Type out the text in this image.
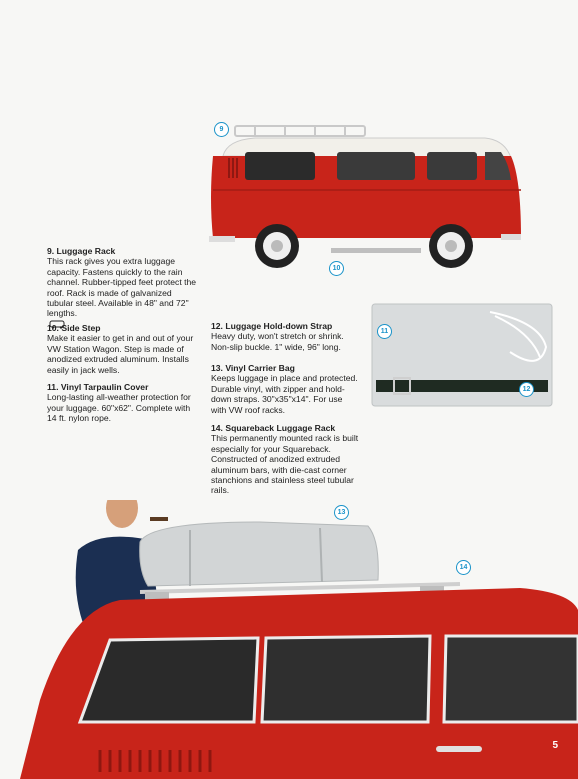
9. Luggage Rack
This rack gives you extra luggage capacity. Fastens quickly to the rain channel. Rubber-tipped feet protect the roof. Rack is made of galvanized tubular steel. Available in 48" and 72" lengths.
10. Side Step
Make it easier to get in and out of your VW Station Wagon. Step is made of anodized extruded aluminum. Installs easily in jack wells.
11. Vinyl Tarpaulin Cover
Long-lasting all-weather protection for your luggage. 60"x62". Complete with 14 ft. nylon rope.
12. Luggage Hold-down Strap
Heavy duty, won't stretch or shrink. Non-slip buckle. 1" wide, 96" long.
13. Vinyl Carrier Bag
Keeps luggage in place and protected. Durable vinyl, with zipper and hold-down straps. 30"x35"x14". For use with VW roof racks.
14. Squareback Luggage Rack
This permanently mounted rack is built especially for your Squareback. Constructed of anodized extruded aluminum bars, with die-cast corner stanchions and stainless steel tubular rails.
9
10
11
12
13
14
5
